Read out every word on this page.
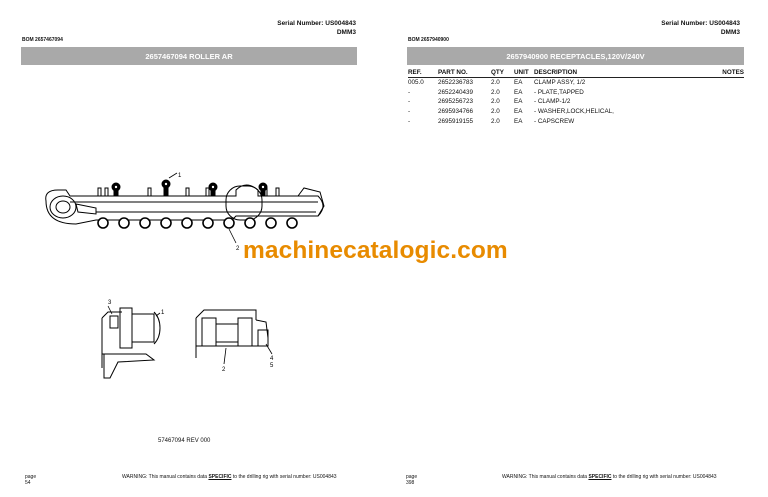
Serial Number: US004843
DMM3
BOM 2657467094
2657467094 ROLLER AR
1
2
3
1
2
4
5
57467094 REV 000
page 54
WARNING: This manual contains data SPECIFIC to the drilling rig with serial number: US004843
Serial Number: US004843
DMM3
BOM 2657940900
2657940900 RECEPTACLES,120V/240V
REF.	PART NO.	QTY	UNIT DESCRIPTION	NOTES
005.0	2652236783	2.0	EA	CLAMP ASSY, 1/2
-	2652240439	2.0	EA	- PLATE,TAPPED
-	2695256723	2.0	EA	- CLAMP-1/2
-	2695934766	2.0	EA	- WASHER,LOCK,HELICAL,
-	2695919155	2.0	EA	- CAPSCREW
page 398
WARNING: This manual contains data SPECIFIC to the drilling rig with serial number: US004843
machinecatalogic.com
